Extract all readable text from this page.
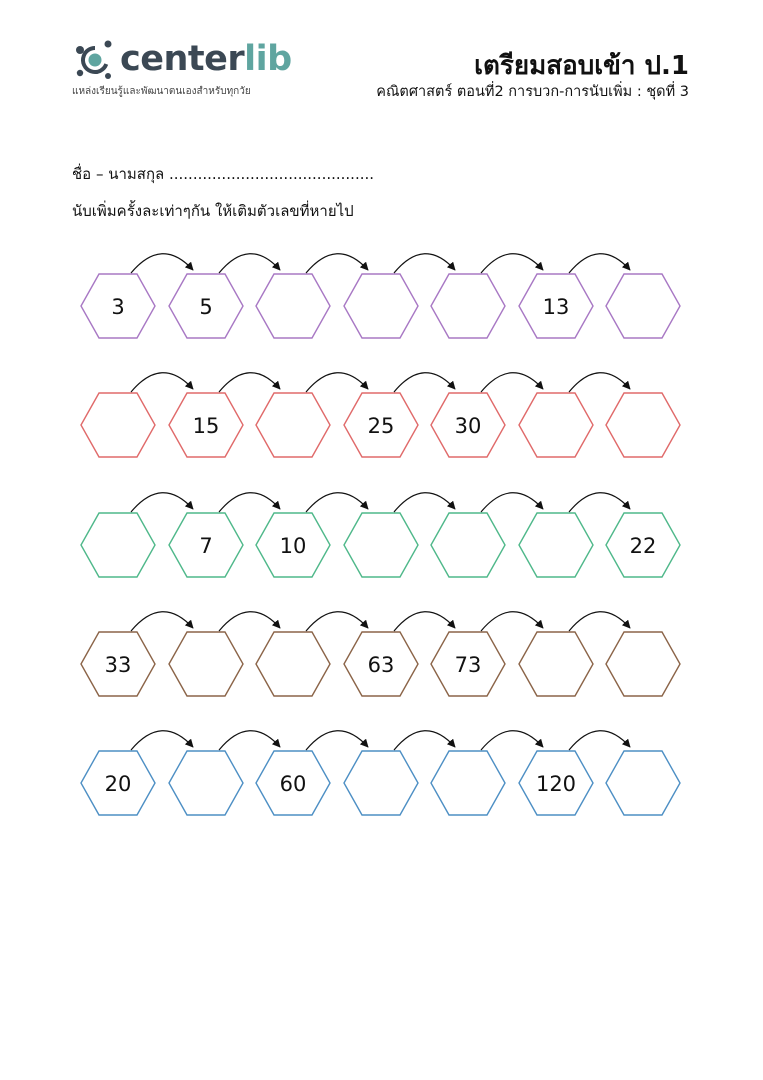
centerlib
แหล่งเรียนรู้และพัฒนาตนเองสำหรับทุกวัย
เตรียมสอบเข้า ป.1
คณิตศาสตร์ ตอนที่2 การบวก-การนับเพิ่ม : ชุดที่ 3
ชื่อ – นามสกุล ...........................................
นับเพิ่มครั้งละเท่าๆกัน ให้เติมตัวเลขที่หายไป
3	5	13
15	25	30
7	10	22
33	63	73
20	60	120
